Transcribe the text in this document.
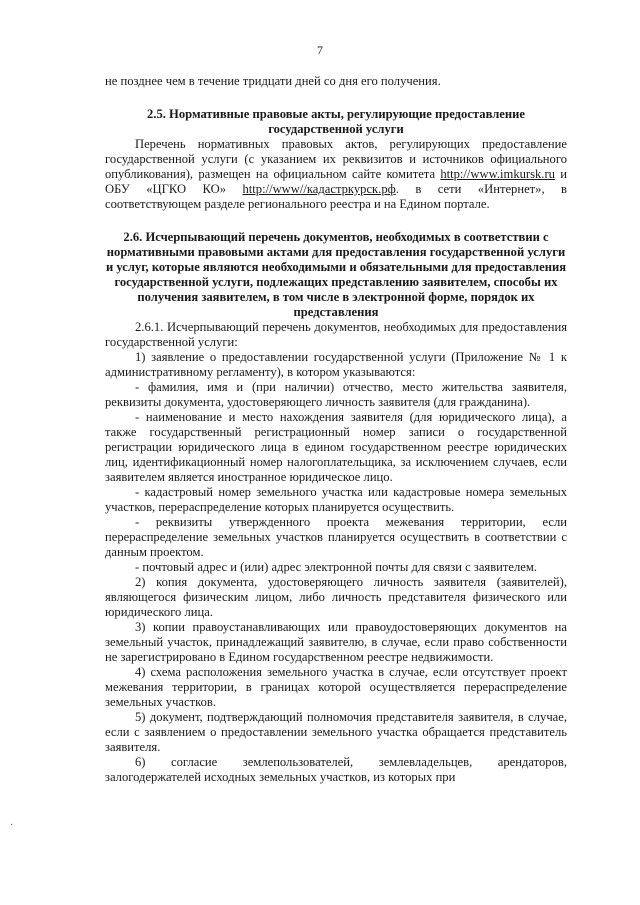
7

не позднее чем в течение тридцати дней со дня его получения.

2.5. Нормативные правовые акты, регулирующие предоставление государственной услуги

Перечень нормативных правовых актов, регулирующих предоставление государственной услуги (с указанием их реквизитов и источников официального опубликования), размещен на официальном сайте комитета http://www.imkursk.ru и ОБУ «ЦГКО КО» http://www//кадастркурск.рф. в сети «Интернет», в соответствующем разделе регионального реестра и на Едином портале.

2.6. Исчерпывающий перечень документов, необходимых в соответствии с нормативными правовыми актами для предоставления государственной услуги и услуг, которые являются необходимыми и обязательными для предоставления государственной услуги, подлежащих представлению заявителем, способы их получения заявителем, в том числе в электронной форме, порядок их представления

2.6.1. Исчерпывающий перечень документов, необходимых для предоставления государственной услуги:

1) заявление о предоставлении государственной услуги (Приложение № 1 к административному регламенту), в котором указываются:

- фамилия, имя и (при наличии) отчество, место жительства заявителя, реквизиты документа, удостоверяющего личность заявителя (для гражданина).

- наименование и место нахождения заявителя (для юридического лица), а также государственный регистрационный номер записи о государственной регистрации юридического лица в едином государственном реестре юридических лиц, идентификационный номер налогоплательщика, за исключением случаев, если заявителем является иностранное юридическое лицо.

- кадастровый номер земельного участка или кадастровые номера земельных участков, перераспределение которых планируется осуществить.

- реквизиты утвержденного проекта межевания территории, если перераспределение земельных участков планируется осуществить в соответствии с данным проектом.

- почтовый адрес и (или) адрес электронной почты для связи с заявителем.

2) копия документа, удостоверяющего личность заявителя (заявителей), являющегося физическим лицом, либо личность представителя физического или юридического лица.

3) копии правоустанавливающих или правоудостоверяющих документов на земельный участок, принадлежащий заявителю, в случае, если право собственности не зарегистрировано в Едином государственном реестре недвижимости.

4) схема расположения земельного участка в случае, если отсутствует проект межевания территории, в границах которой осуществляется перераспределение земельных участков.

5) документ, подтверждающий полномочия представителя заявителя, в случае, если с заявлением о предоставлении земельного участка обращается представитель заявителя.

6) согласие землепользователей, землевладельцев, арендаторов, залогодержателей исходных земельных участков, из которых при

·
